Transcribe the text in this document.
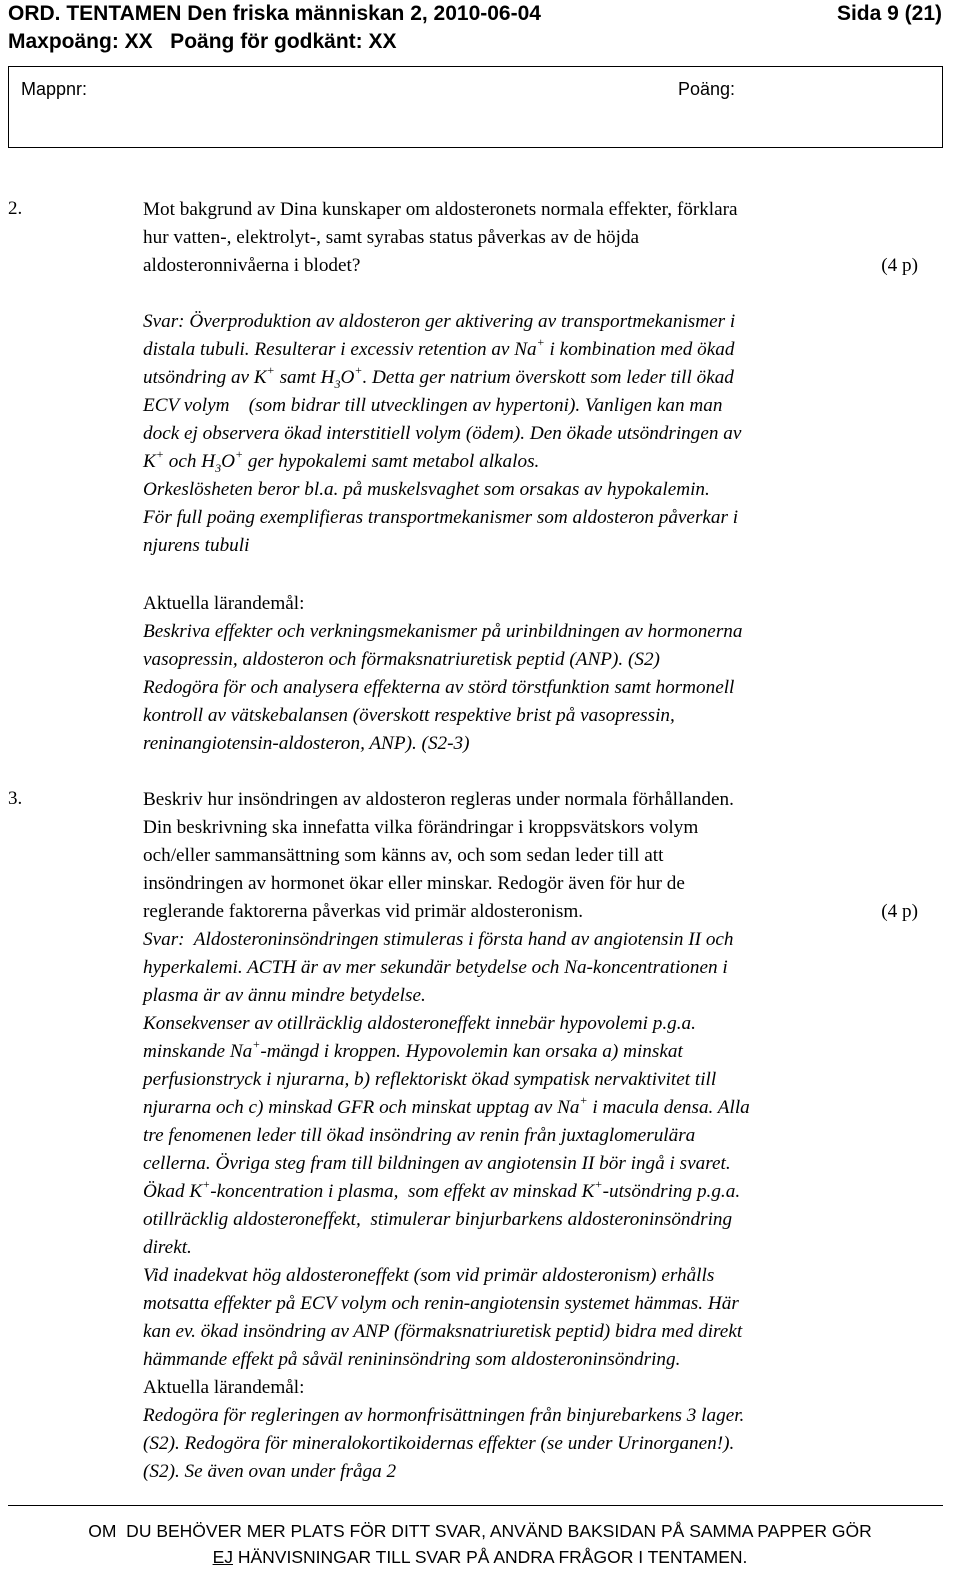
ORD. TENTAMEN Den friska människan 2, 2010-06-04	Sida 9 (21)
Maxpoäng: XX   Poäng för godkänt: XX
Mappnr:	Poäng:
2.	Mot bakgrund av Dina kunskaper om aldosteronets normala effekter, förklara
hur vatten-, elektrolyt-, samt syrabas status påverkas av de höjda
aldosteronnivåerna i blodet?	(4 p)
Svar: Överproduktion av aldosteron ger aktivering av transportmekanismer i
distala tubuli. Resulterar i excessiv retention av Na+ i kombination med ökad
utsöndring av K+ samt $H_3O^+$. Detta ger natrium överskott som leder till ökad
ECV volym    (som bidrar till utvecklingen av hypertoni). Vanligen kan man
dock ej observera ökad interstitiell volym (ödem). Den ökade utsöndringen av
K+ och $H_3O^+$ ger hypokalemi samt metabol alkalos.
Orkeslösheten beror bl.a. på muskelsvaghet som orsakas av hypokalemin.
För full poäng exemplifieras transportmekanismer som aldosteron påverkar i
njurens tubuli
Aktuella lärandemål:
Beskriva effekter och verkningsmekanismer på urinbildningen av hormonerna
vasopressin, aldosteron och förmaksnatriuretisk peptid (ANP). (S2)
Redogöra för och analysera effekterna av störd törstfunktion samt hormonell
kontroll av vätskebalansen (överskott respektive brist på vasopressin,
reninangiotensin-aldosteron, ANP). (S2-3)
3.	Beskriv hur insöndringen av aldosteron regleras under normala förhållanden.
Din beskrivning ska innefatta vilka förändringar i kroppsvätskors volym
och/eller sammansättning som känns av, och som sedan leder till att
insöndringen av hormonet ökar eller minskar. Redogör även för hur de
reglerande faktorerna påverkas vid primär aldosteronism.	(4 p)
Svar:  Aldosteroninsöndringen stimuleras i första hand av angiotensin II och
hyperkalemi. ACTH är av mer sekundär betydelse och Na-koncentrationen i
plasma är av ännu mindre betydelse.
Konsekvenser av otillräcklig aldosteroneffekt innebär hypovolemi p.g.a.
minskande Na+-mängd i kroppen. Hypovolemin kan orsaka a) minskat
perfusionstryck i njurarna, b) reflektoriskt ökad sympatisk nervaktivitet till
njurarna och c) minskad GFR och minskat upptag av Na+ i macula densa. Alla
tre fenomenen leder till ökad insöndring av renin från juxtaglomerulära
cellerna. Övriga steg fram till bildningen av angiotensin II bör ingå i svaret.
Ökad K+-koncentration i plasma,  som effekt av minskad K+-utsöndring p.g.a.
otillräcklig aldosteroneffekt,  stimulerar binjurbarkens aldosteroninsöndring
direkt.
Vid inadekvat hög aldosteroneffekt (som vid primär aldosteronism) erhålls
motsatta effekter på ECV volym och renin-angiotensin systemet hämmas. Här
kan ev. ökad insöndring av ANP (förmaksnatriuretisk peptid) bidra med direkt
hämmande effekt på såväl renininsöndring som aldosteroninsöndring.
Aktuella lärandemål:
Redogöra för regleringen av hormonfrisättningen från binjurebarkens 3 lager.
(S2). Redogöra för mineralokortikoidernas effekter (se under Urinorganen!).
(S2). Se även ovan under fråga 2
OM  DU BEHÖVER MER PLATS FÖR DITT SVAR, ANVÄND BAKSIDAN PÅ SAMMA PAPPER GÖR
EJ HÄNVISNINGAR TILL SVAR PÅ ANDRA FRÅGOR I TENTAMEN.
